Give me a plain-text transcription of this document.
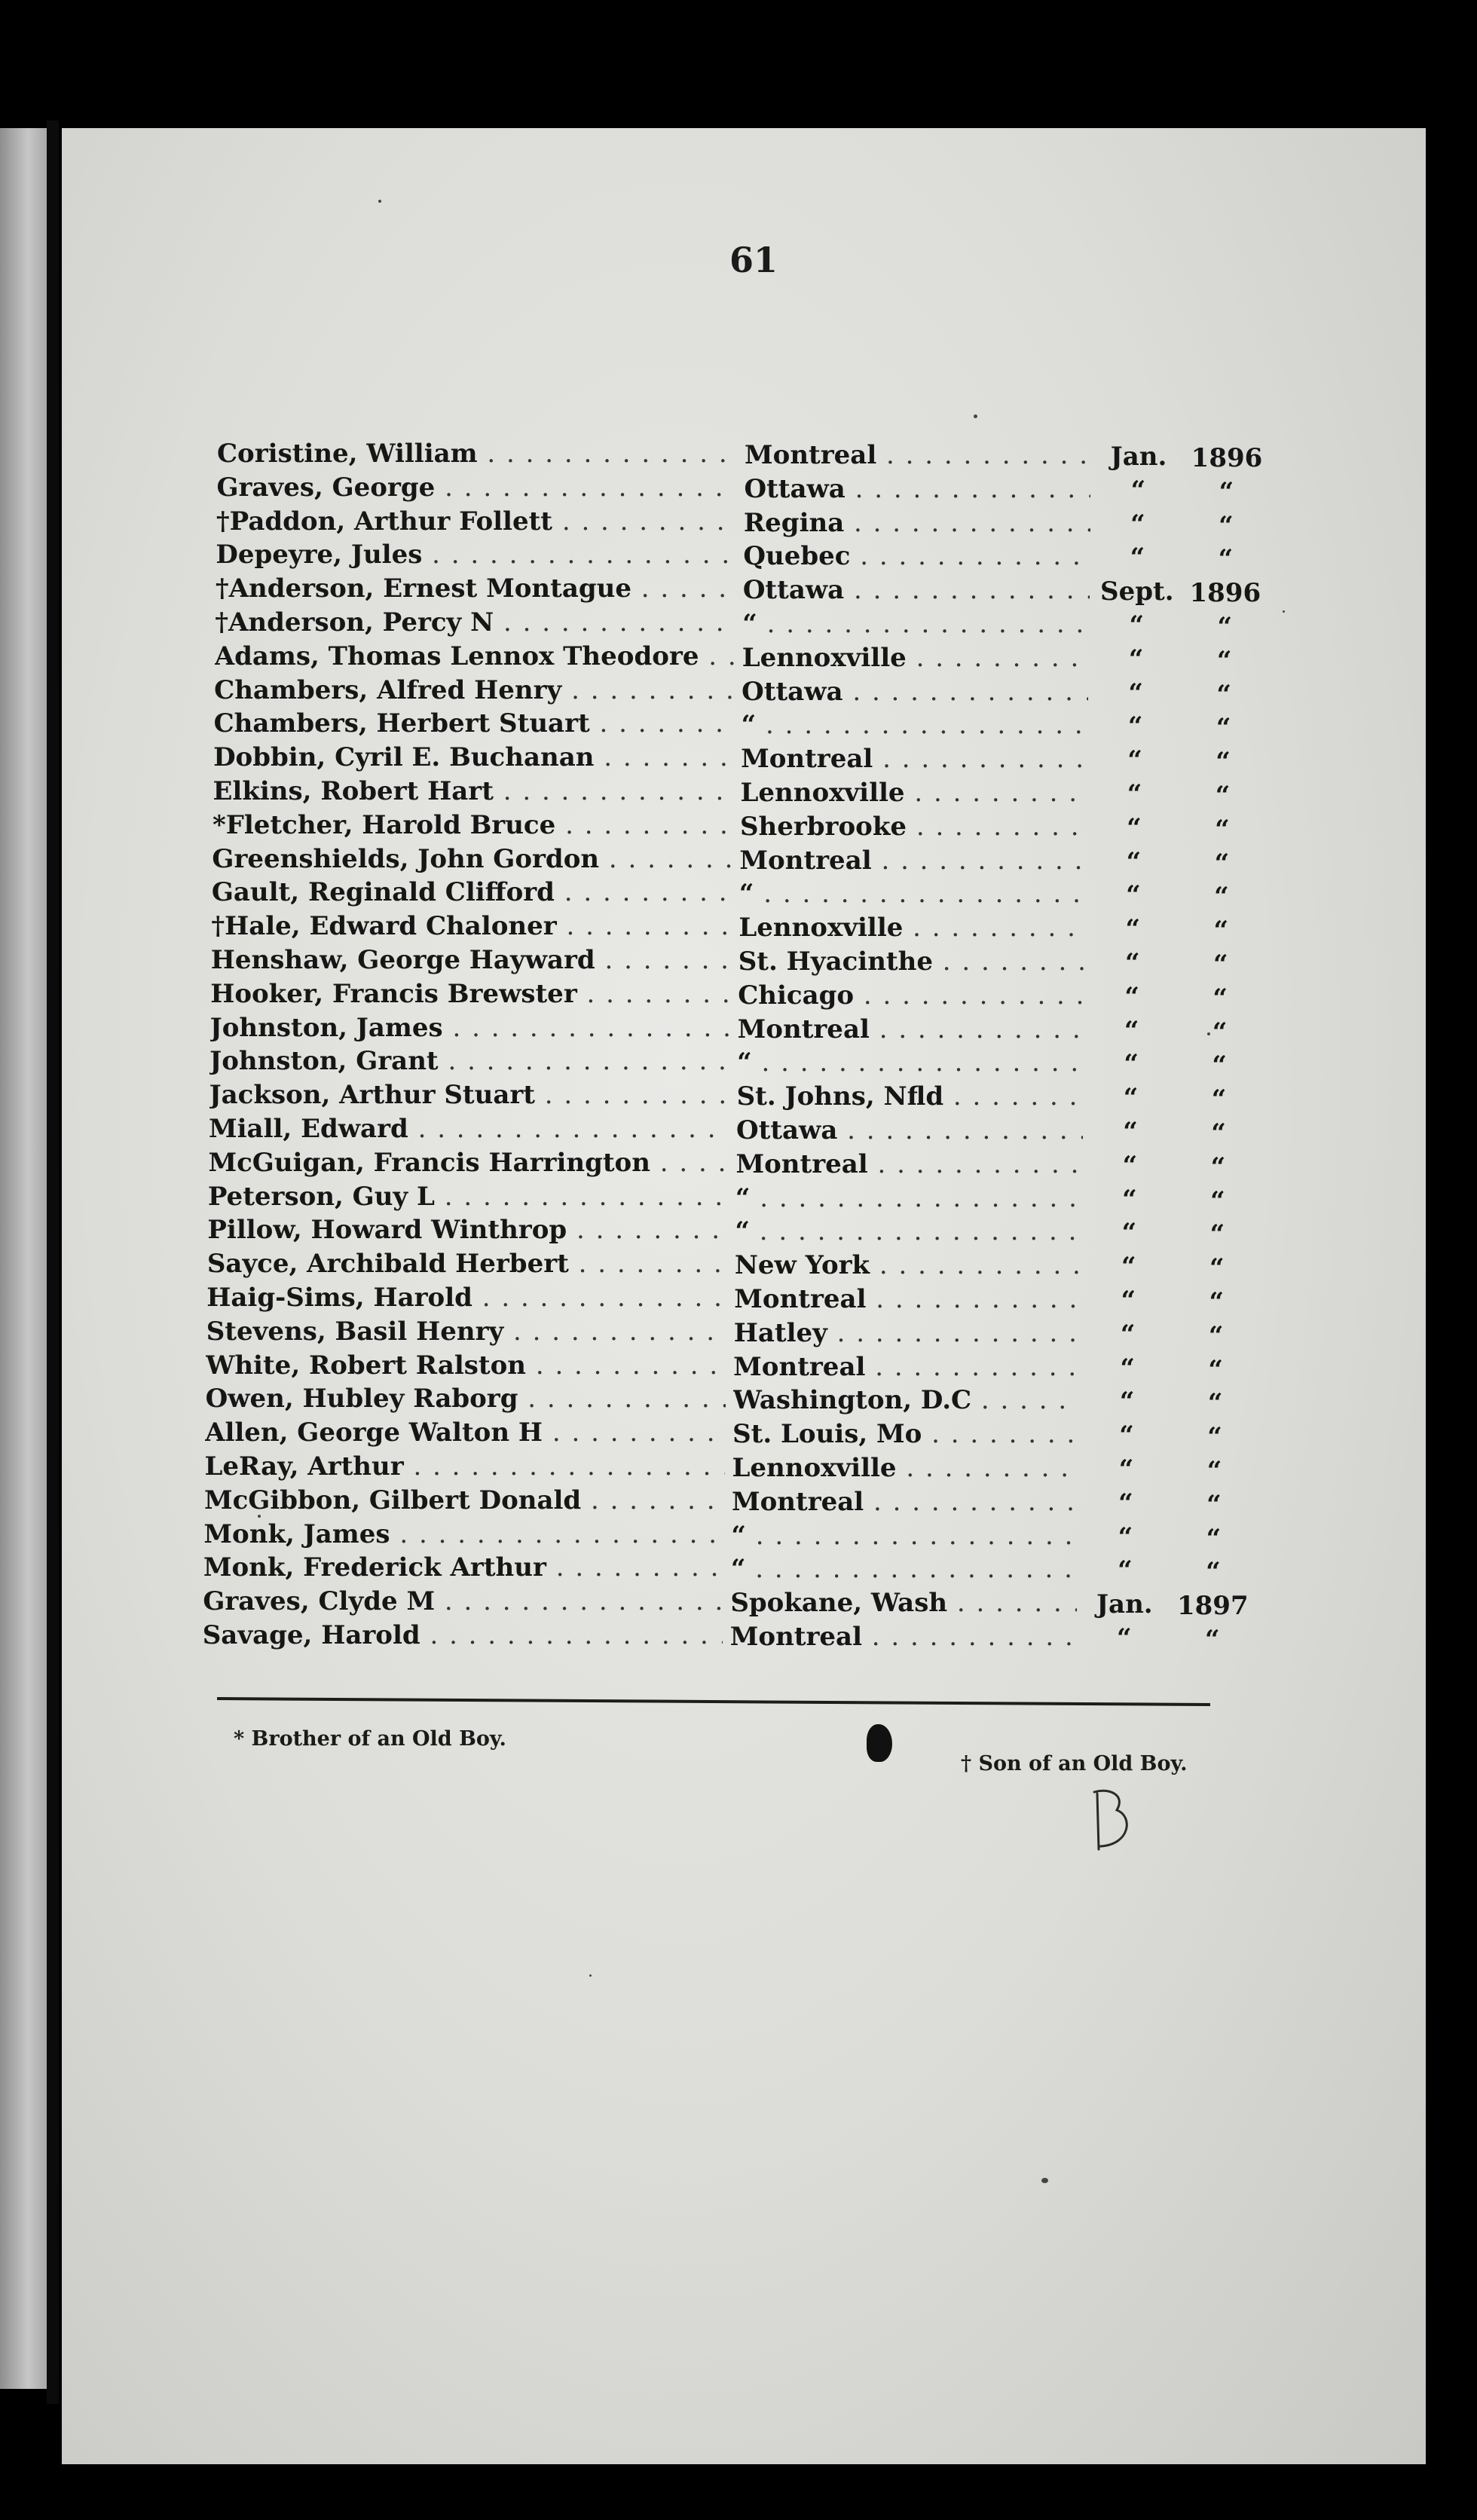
61
Coristine, William . . .	Montreal . . .	Jan. 1896
Graves, George . . .	Ottawa . . .	“	“
†Paddon, Arthur Follett . . .	Regina . . .	“	“
Depeyre, Jules . . .	Quebec . . .	“	“
†Anderson, Ernest Montague . . .	Ottawa . . .	Sept. 1896
†Anderson, Percy N . . .	“ . . .	“	“
Adams, Thomas Lennox Theodore . . .	Lennoxville . . .	“	“
Chambers, Alfred Henry . . .	Ottawa . . .	“	“
Chambers, Herbert Stuart . . .	“ . . .	“	“
Dobbin, Cyril E. Buchanan . . .	Montreal . . .	“	“
Elkins, Robert Hart . . .	Lennoxville . . .	“	“
*Fletcher, Harold Bruce . . .	Sherbrooke . . .	“	“
Greenshields, John Gordon . . .	Montreal . . .	“	“
Gault, Reginald Clifford . . .	“ . . .	“	“
†Hale, Edward Chaloner . . .	Lennoxville . . .	“	“
Henshaw, George Hayward . . .	St. Hyacinthe . . .	“	“
Hooker, Francis Brewster . . .	Chicago . . .	“	“
Johnston, James . . .	Montreal . . .	“	“
Johnston, Grant . . .	“ . . .	“	“
Jackson, Arthur Stuart . . .	St. Johns, Nfld . . .	“	“
Miall, Edward . . .	Ottawa . . .	“	“
McGuigan, Francis Harrington . . .	Montreal . . .	“	“
Peterson, Guy L . . .	“ . . .	“	“
Pillow, Howard Winthrop . . .	“ . . .	“	“
Sayce, Archibald Herbert . . .	New York . . .	“	“
Haig-Sims, Harold . . .	Montreal . . .	“	“
Stevens, Basil Henry . . .	Hatley . . .	“	“
White, Robert Ralston . . .	Montreal . . .	“	“
Owen, Hubley Raborg . . .	Washington, D.C . . .	“	“
Allen, George Walton H . . .	St. Louis, Mo . . .	“	“
LeRay, Arthur . . .	Lennoxville . . .	“	“
McGibbon, Gilbert Donald . . .	Montreal . . .	“	“
Monk, James . . .	“ . . .	“	“
Monk, Frederick Arthur . . .	“ . . .	“	“
Graves, Clyde M . . .	Spokane, Wash . . .	Jan. 1897
Savage, Harold . . .	Montreal . . .	“	“
* Brother of an Old Boy.
† Son of an Old Boy.
